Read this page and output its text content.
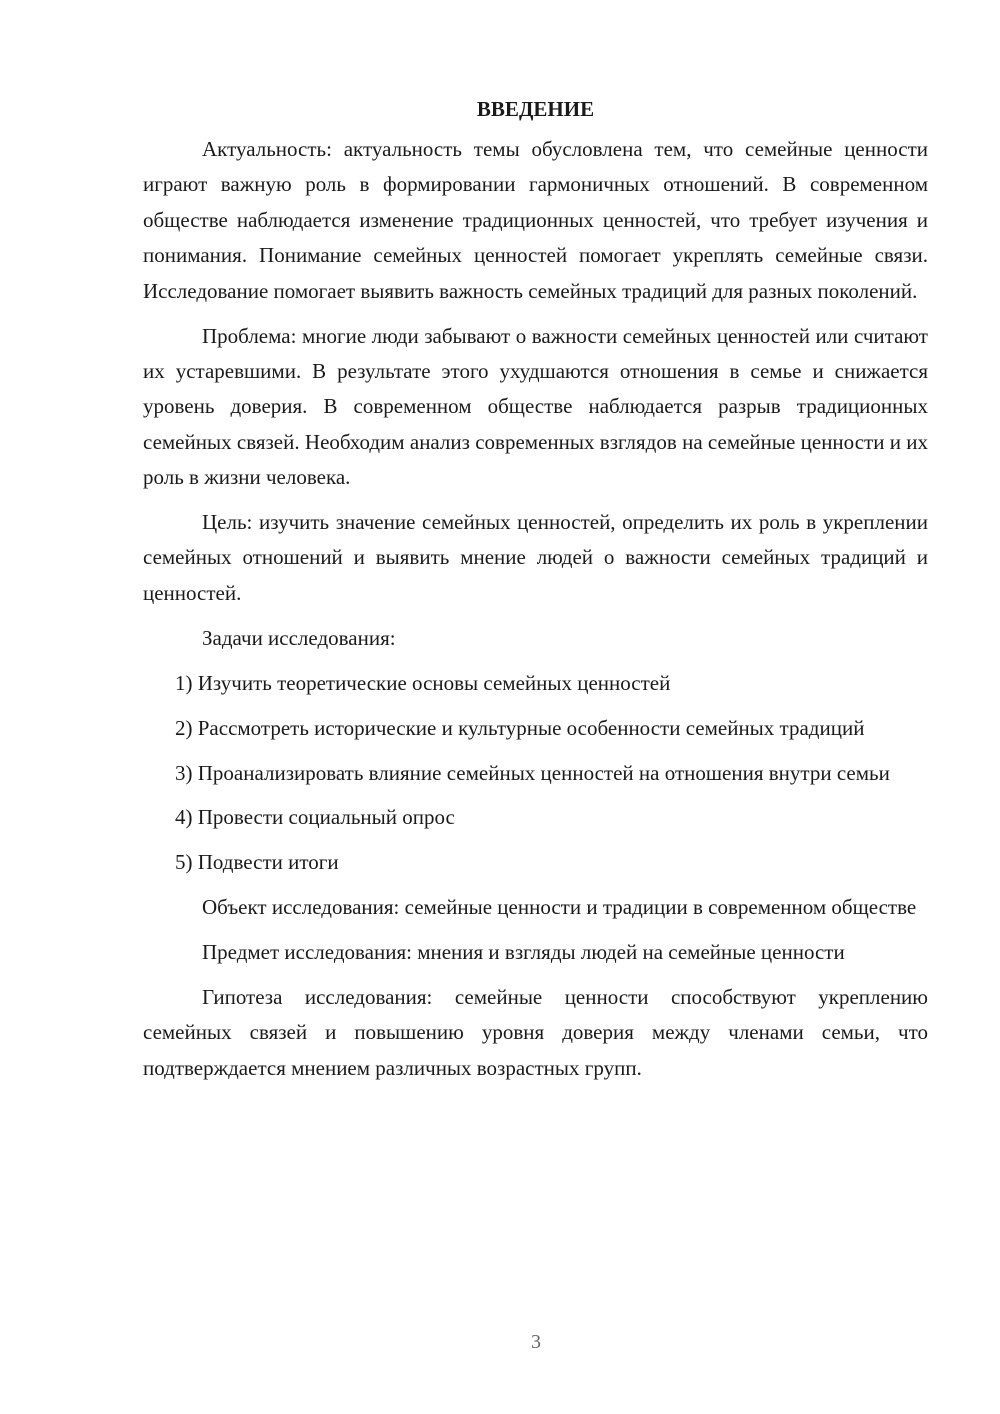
ВВЕДЕНИЕ

Актуальность: актуальность темы обусловлена тем, что семейные ценности играют важную роль в формировании гармоничных отношений. В современном обществе наблюдается изменение традиционных ценностей, что требует изучения и понимания. Понимание семейных ценностей помогает укреплять семейные связи. Исследование помогает выявить важность семейных традиций для разных поколений.

Проблема: многие люди забывают о важности семейных ценностей или считают их устаревшими. В результате этого ухудшаются отношения в семье и снижается уровень доверия. В современном обществе наблюдается разрыв традиционных семейных связей. Необходим анализ современных взглядов на семейные ценности и их роль в жизни человека.

Цель: изучить значение семейных ценностей, определить их роль в укреплении семейных отношений и выявить мнение людей о важности семейных традиций и ценностей.

Задачи исследования:

1) Изучить теоретические основы семейных ценностей

2) Рассмотреть исторические и культурные особенности семейных традиций

3) Проанализировать влияние семейных ценностей на отношения внутри семьи

4) Провести социальный опрос

5) Подвести итоги

Объект исследования: семейные ценности и традиции в современном обществе

Предмет исследования: мнения и взгляды людей на семейные ценности

Гипотеза исследования: семейные ценности способствуют укреплению семейных связей и повышению уровня доверия между членами семьи, что подтверждается мнением различных возрастных групп.

3
